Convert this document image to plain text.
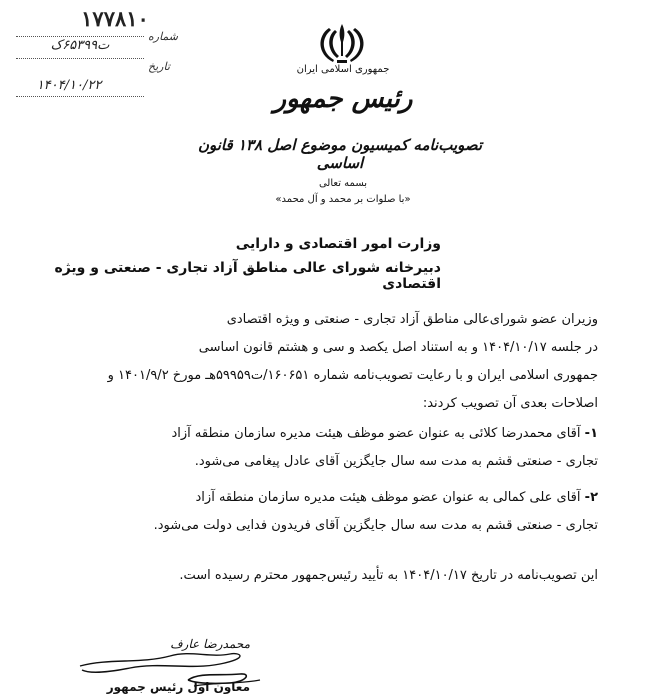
۱۷۷۸۱۰
شماره
ت۶۵۳۹۹ک
تاریخ
۱۴۰۴/۱۰/۲۲
جمهوری اسلامی ایران
رئیس جمهور
تصویب‌نامه کمیسیون موضوع اصل ۱۳۸ قانون اساسی
بسمه تعالی
«با صلوات بر محمد و آل محمد»
وزارت امور اقتصادی و دارایی
دبیرخانه شورای عالی مناطق آزاد تجاری - صنعتی و ویژه اقتصادی

وزیران عضو شورای‌عالی مناطق آزاد تجاری - صنعتی و ویژه اقتصادی

در جلسه ۱۴۰۴/۱۰/۱۷ و به استناد اصل یکصد و سی و هشتم قانون اساسی

جمهوری اسلامی ایران و با رعایت تصویب‌نامه شماره ۱۶۰۶۵۱/ت۵۹۹۵۹هـ مورخ ۱۴۰۱/۹/۲ و

اصلاحات بعدی آن تصویب کردند:

۱- آقای محمدرضا کلائی به عنوان عضو موظف هیئت مدیره سازمان منطقه آزاد

تجاری - صنعتی قشم به مدت سه سال جایگزین آقای عادل پیغامی می‌شود.

۲- آقای علی کمالی به عنوان عضو موظف هیئت مدیره سازمان منطقه آزاد

تجاری - صنعتی قشم به مدت سه سال جایگزین آقای فریدون فدایی دولت می‌شود.

این تصویب‌نامه در تاریخ ۱۴۰۴/۱۰/۱۷ به تأیید رئیس‌جمهور محترم رسیده است.

محمدرضا عارف
معاون اول رئیس جمهور
